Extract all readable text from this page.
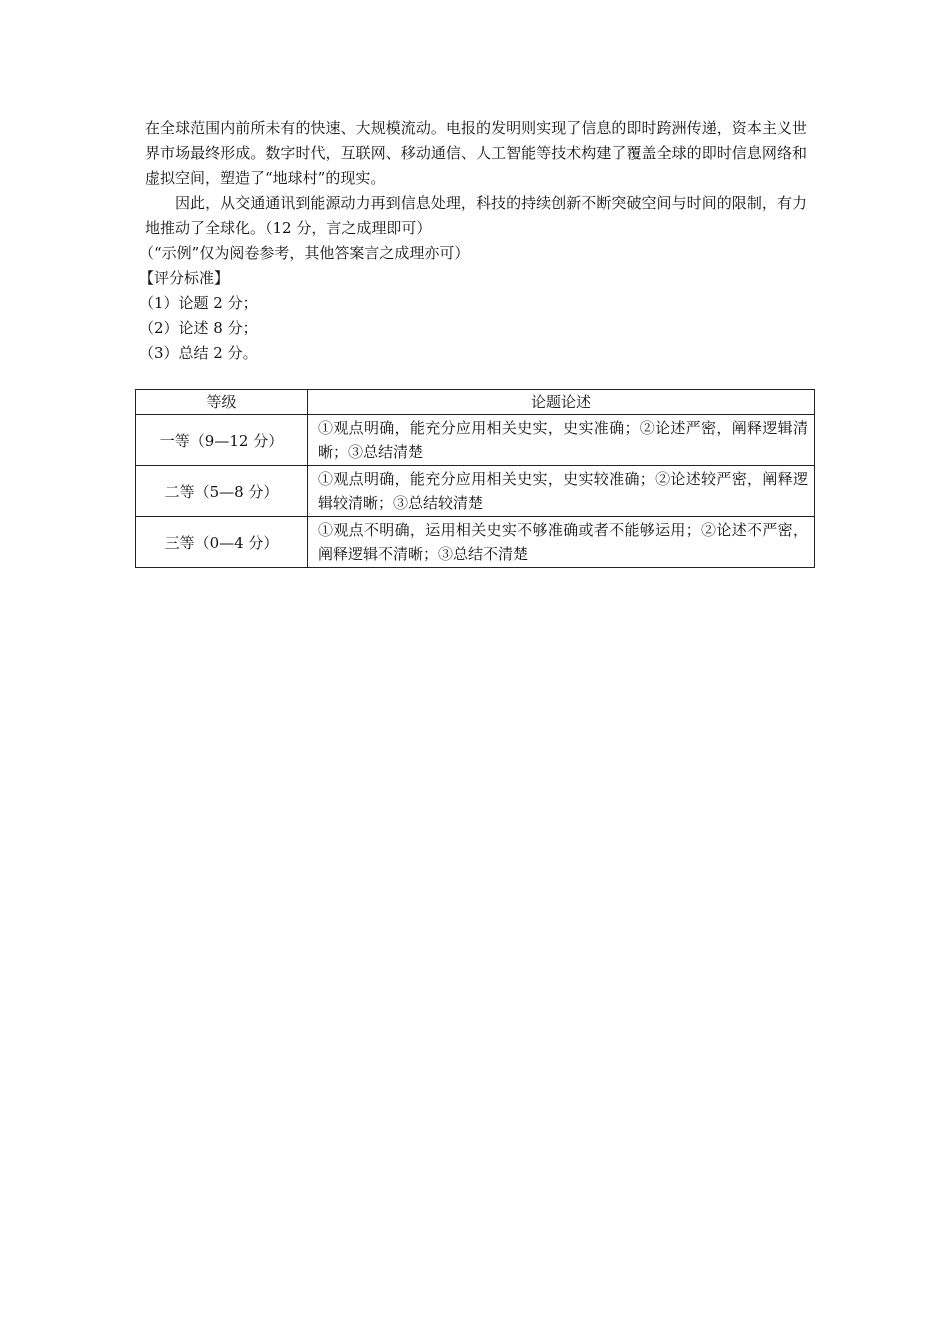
在全球范围内前所未有的快速、大规模流动。电报的发明则实现了信息的即时跨洲传递，资本主义世界市场最终形成。数字时代，互联网、移动通信、人工智能等技术构建了覆盖全球的即时信息网络和虚拟空间，塑造了“地球村”的现实。
因此，从交通通讯到能源动力再到信息处理，科技的持续创新不断突破空间与时间的限制，有力地推动了全球化。（12 分，言之成理即可）
（“示例”仅为阅卷参考，其他答案言之成理亦可）
【评分标准】
（1）论题 2 分；
（2）论述 8 分；
（3）总结 2 分。
等级	论题论述
一等（9—12 分）	①观点明确，能充分应用相关史实，史实准确；②论述严密，阐释逻辑清晰；③总结清楚
二等（5—8 分）	①观点明确，能充分应用相关史实，史实较准确；②论述较严密，阐释逻辑较清晰；③总结较清楚
三等（0—4 分）	①观点不明确，运用相关史实不够准确或者不能够运用；②论述不严密，阐释逻辑不清晰；③总结不清楚
